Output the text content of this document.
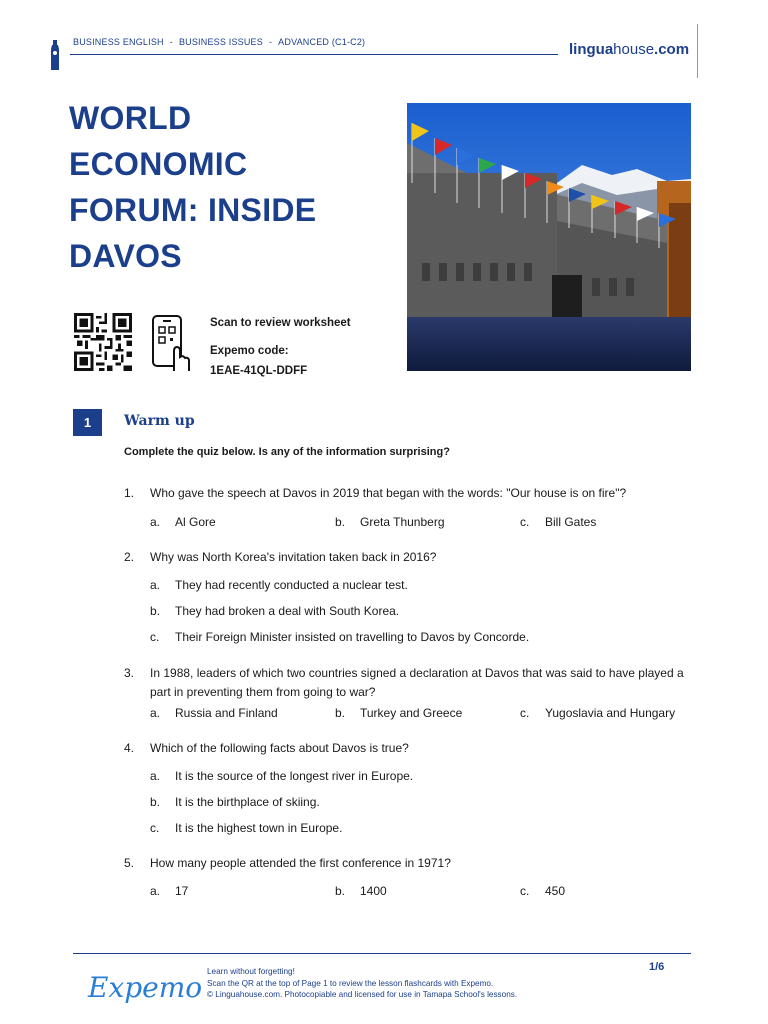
BUSINESS ENGLISH - BUSINESS ISSUES - ADVANCED (C1-C2)	linguahouse.com
WORLD
ECONOMIC
FORUM: INSIDE
DAVOS
Scan to review worksheet
Expemo code:
1EAE-41QL-DDFF
1	Warm up
Complete the quiz below. Is any of the information surprising?
1. Who gave the speech at Davos in 2019 that began with the words: "Our house is on fire"?
a. Al Gore	b. Greta Thunberg	c. Bill Gates
2. Why was North Korea's invitation taken back in 2016?
a. They had recently conducted a nuclear test.
b. They had broken a deal with South Korea.
c. Their Foreign Minister insisted on travelling to Davos by Concorde.
3. In 1988, leaders of which two countries signed a declaration at Davos that was said to have played a part in preventing them from going to war?
a. Russia and Finland	b. Turkey and Greece	c. Yugoslavia and Hungary
4. Which of the following facts about Davos is true?
a. It is the source of the longest river in Europe.
b. It is the birthplace of skiing.
c. It is the highest town in Europe.
5. How many people attended the first conference in 1971?
a. 17	b. 1400	c. 450
Expemo Learn without forgetting!
Scan the QR at the top of Page 1 to review the lesson flashcards with Expemo.
© Linguahouse.com. Photocopiable and licensed for use in Tamapa School's lessons.
1/6
